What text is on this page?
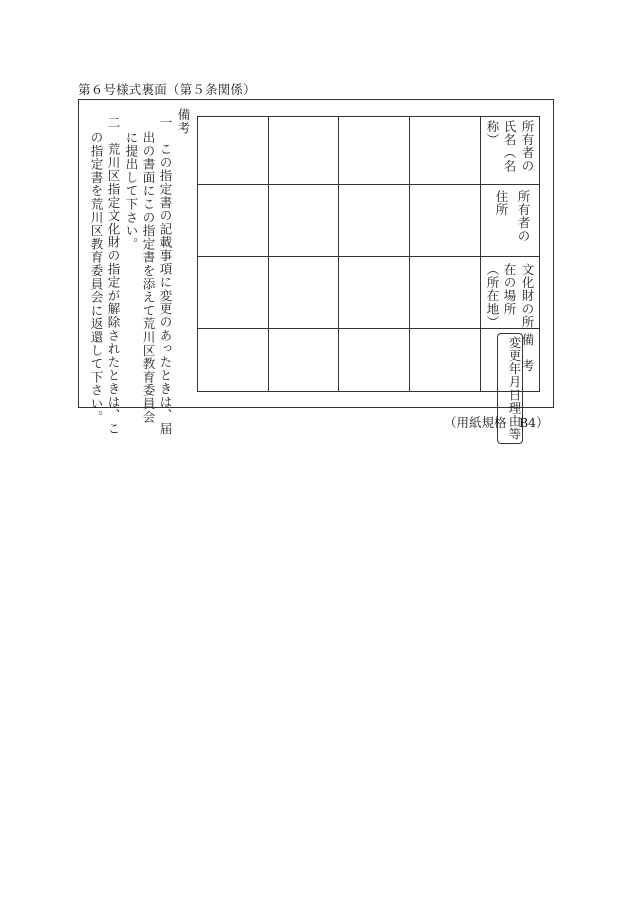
第６号様式裏面（第５条関係）
備考
一　この指定書の記載事項に変更のあったときは、届
出の書面にこの指定書を添えて荒川区教育委員会
に提出して下さい。
二　荒川区指定文化財の指定が解除されたときは、こ
の指定書を荒川区教育委員会に返還して下さい。	所有者の
氏名（名
称）
所有者の
住所
文化財の所
在の場所
（所在地）
備　考
変更年月日理由等
（用紙規格　B4）
